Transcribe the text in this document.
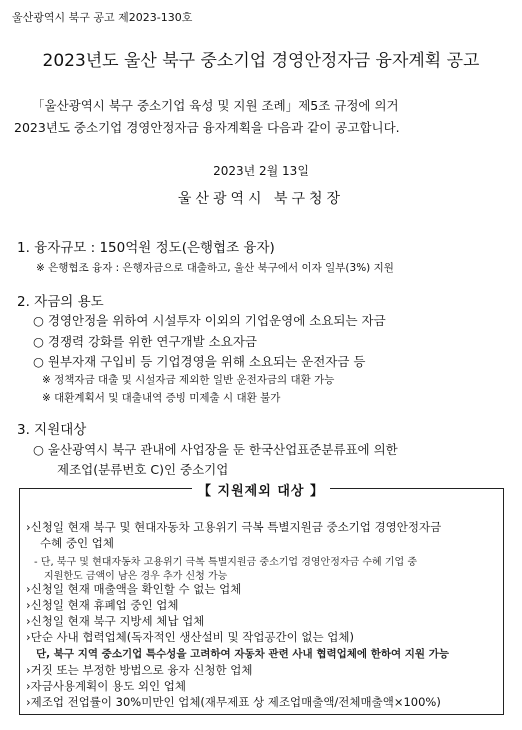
울산광역시 북구 공고 제2023-130호
2023년도 울산 북구 중소기업 경영안정자금 융자계획 공고
「울산광역시 북구 중소기업 육성 및 지원 조례」제5조 규정에 의거
2023년도 중소기업 경영안정자금 융자계획을 다음과 같이 공고합니다.
2023년 2월 13일
울산광역시 북구청장
1. 융자규모 : 150억원 정도(은행협조 융자)
※ 은행협조 융자 : 은행자금으로 대출하고, 울산 북구에서 이자 일부(3%) 지원
2. 자금의 용도
○ 경영안정을 위하여 시설투자 이외의 기업운영에 소요되는 자금
○ 경쟁력 강화를 위한 연구개발 소요자금
○ 원부자재 구입비 등 기업경영을 위해 소요되는 운전자금 등
※ 정책자금 대출 및 시설자금 제외한 일반 운전자금의 대환 가능
※ 대환계획서 및 대출내역 증빙 미제출 시 대환 불가
3. 지원대상
○ 울산광역시 북구 관내에 사업장을 둔 한국산업표준분류표에 의한
제조업(분류번호 C)인 중소기업
【 지원제외 대상 】
›신청일 현재 북구 및 현대자동차 고용위기 극복 특별지원금 중소기업 경영안정자금
수혜 중인 업체
- 단, 북구 및 현대자동차 고용위기 극복 특별지원금 중소기업 경영안정자금 수혜 기업 중
지원한도 금액이 남은 경우 추가 신청 가능
›신청일 현재 매출액을 확인할 수 없는 업체
›신청일 현재 휴폐업 중인 업체
›신청일 현재 북구 지방세 체납 업체
›단순 사내 협력업체(독자적인 생산설비 및 작업공간이 없는 업체)
단, 북구 지역 중소기업 특수성을 고려하여 자동차 관련 사내 협력업체에 한하여 지원 가능
›거짓 또는 부정한 방법으로 융자 신청한 업체
›자금사용계획이 용도 외인 업체
›제조업 전업률이 30%미만인 업체(재무제표 상 제조업매출액/전체매출액×100%)
